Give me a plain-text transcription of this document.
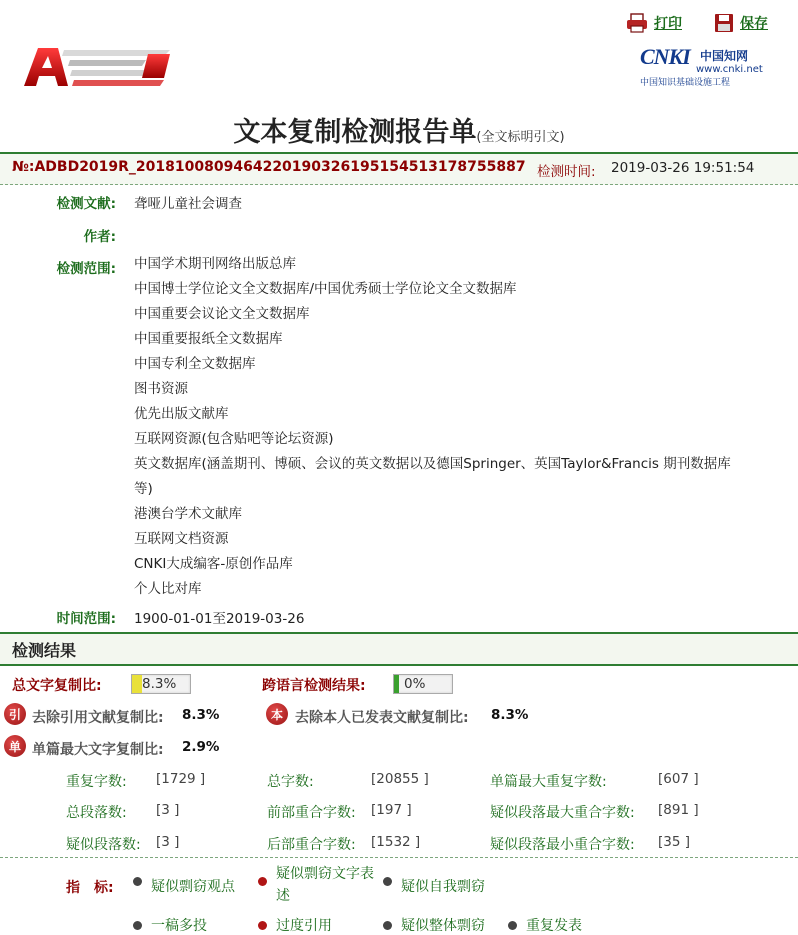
打印	保存
CNKI 中国知网
www.cnki.net
中国知识基础设施工程
文本复制检测报告单(全文标明引文)
№:ADBD2019R_2018100809464220190326195154513178755887 检测时间: 2019-03-26 19:51:54
检测文献: 聋哑儿童社会调查
作者:
检测范围: 中国学术期刊网络出版总库
中国博士学位论文全文数据库/中国优秀硕士学位论文全文数据库
中国重要会议论文全文数据库
中国重要报纸全文数据库
中国专利全文数据库
图书资源
优先出版文献库
互联网资源(包含贴吧等论坛资源)
英文数据库(涵盖期刊、博硕、会议的英文数据以及德国Springer、英国Taylor&Francis 期刊数据库
等)
港澳台学术文献库
互联网文档资源
CNKI大成编客-原创作品库
个人比对库
时间范围: 1900-01-01至2019-03-26
检测结果
总文字复制比:	8.3%	跨语言检测结果:	0%
引 去除引用文献复制比: 8.3%	本 去除本人已发表文献复制比: 8.3%
单 单篇最大文字复制比: 2.9%
重复字数: [1729 ]	总字数:	[20855 ]	单篇最大重复字数:	[607 ]
总段落数: [3 ]	前部重合字数: [197 ]	疑似段落最大重合字数: [891 ]
疑似段落数: [3 ]	后部重合字数: [1532 ]	疑似段落最小重合字数: [35 ]
指　标:	疑似剽窃观点
疑似剽窃文字表述
疑似自我剽窃
一稿多投	过度引用	疑似整体剽窃	重复发表
